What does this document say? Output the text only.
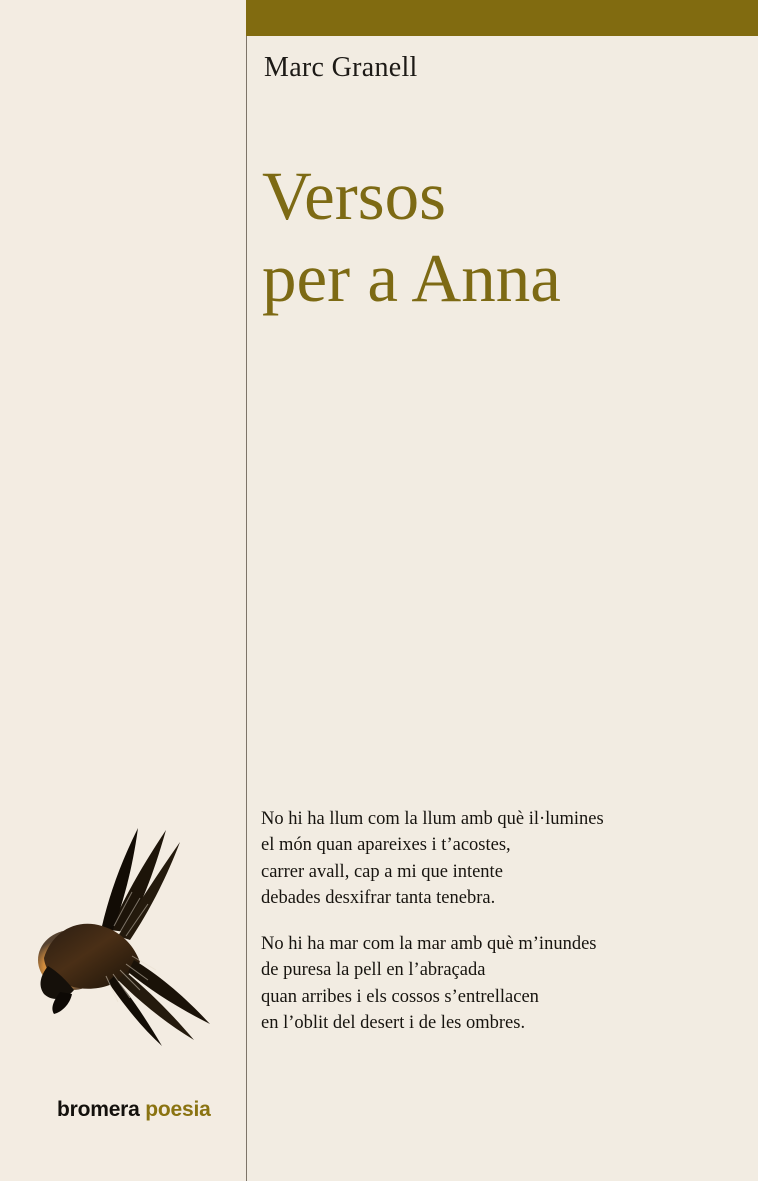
Marc Granell
Versos
per a Anna

No hi ha llum com la llum amb què il·lumines
el món quan apareixes i t’acostes,
carrer avall, cap a mi que intente
debades desxifrar tanta tenebra.

No hi ha mar com la mar amb què m’inundes
de puresa la pell en l’abraçada
quan arribes i els cossos s’entrellacen
en l’oblit del desert i de les ombres.

bromera poesia
